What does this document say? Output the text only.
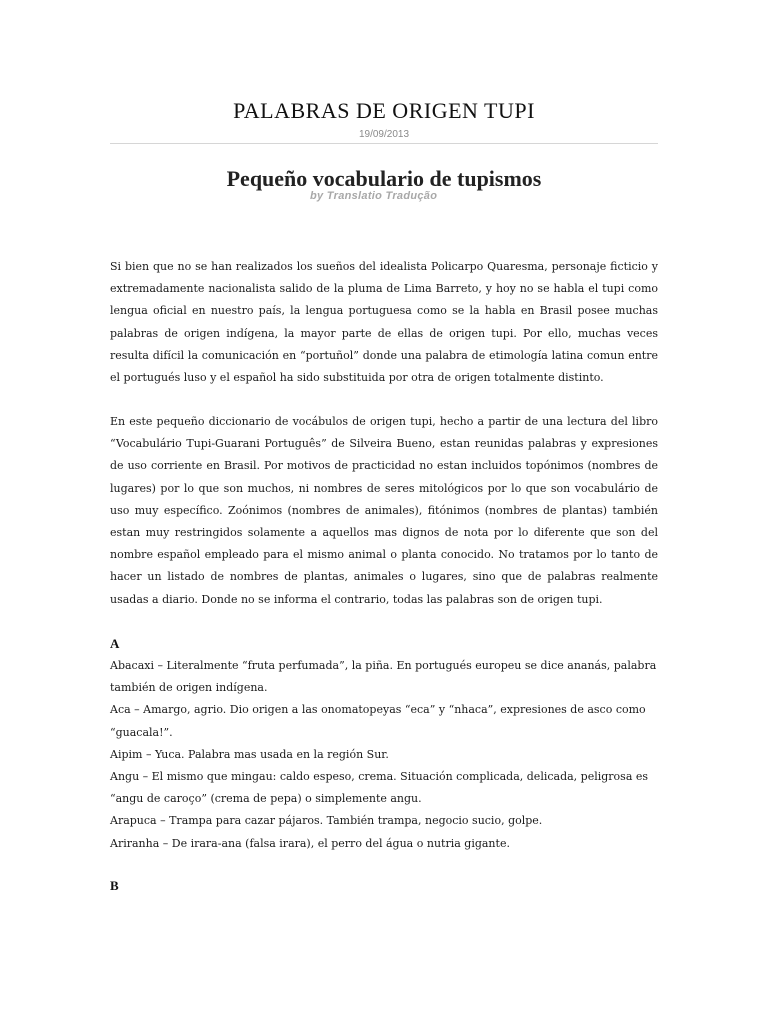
PALABRAS DE ORIGEN TUPI
19/09/2013
Pequeño vocabulario de tupismos
by Translatio Tradução

Si bien que no se han realizados los sueños del idealista Policarpo Quaresma, personaje ficticio y extremadamente nacionalista salido de la pluma de Lima Barreto, y hoy no se habla el tupi como lengua oficial en nuestro país, la lengua portuguesa como se la habla en Brasil posee muchas palabras de origen indígena, la mayor parte de ellas de origen tupi. Por ello, muchas veces resulta difícil la comunicación en “portuñol” donde una palabra de etimología latina comun entre el portugués luso y el español ha sido substituida por otra de origen totalmente distinto.

En este pequeño diccionario de vocábulos de origen tupi, hecho a partir de una lectura del libro “Vocabulário Tupi-Guarani Português” de Silveira Bueno, estan reunidas palabras y expresiones de uso corriente en Brasil. Por motivos de practicidad no estan incluidos topónimos (nombres de lugares) por lo que son muchos, ni nombres de seres mitológicos por lo que son vocabulário de uso muy específico. Zoónimos (nombres de animales), fitónimos (nombres de plantas) también estan muy restringidos solamente a aquellos mas dignos de nota por lo diferente que son del nombre español empleado para el mismo animal o planta conocido. No tratamos por lo tanto de hacer un listado de nombres de plantas, animales o lugares, sino que de palabras realmente usadas a diario. Donde no se informa el contrario, todas las palabras son de origen tupi.

A
Abacaxi – Literalmente “fruta perfumada”, la piña. En portugués europeu se dice ananás, palabra
también de origen indígena.
Aca – Amargo, agrio. Dio origen a las onomatopeyas “eca” y “nhaca”, expresiones de asco como
“guacala!”.
Aipim – Yuca. Palabra mas usada en la región Sur.
Angu – El mismo que mingau: caldo espeso, crema. Situación complicada, delicada, peligrosa es
“angu de caroço” (crema de pepa) o simplemente angu.
Arapuca – Trampa para cazar pájaros. También trampa, negocio sucio, golpe.
Ariranha – De irara-ana (falsa irara), el perro del água o nutria gigante.
B
